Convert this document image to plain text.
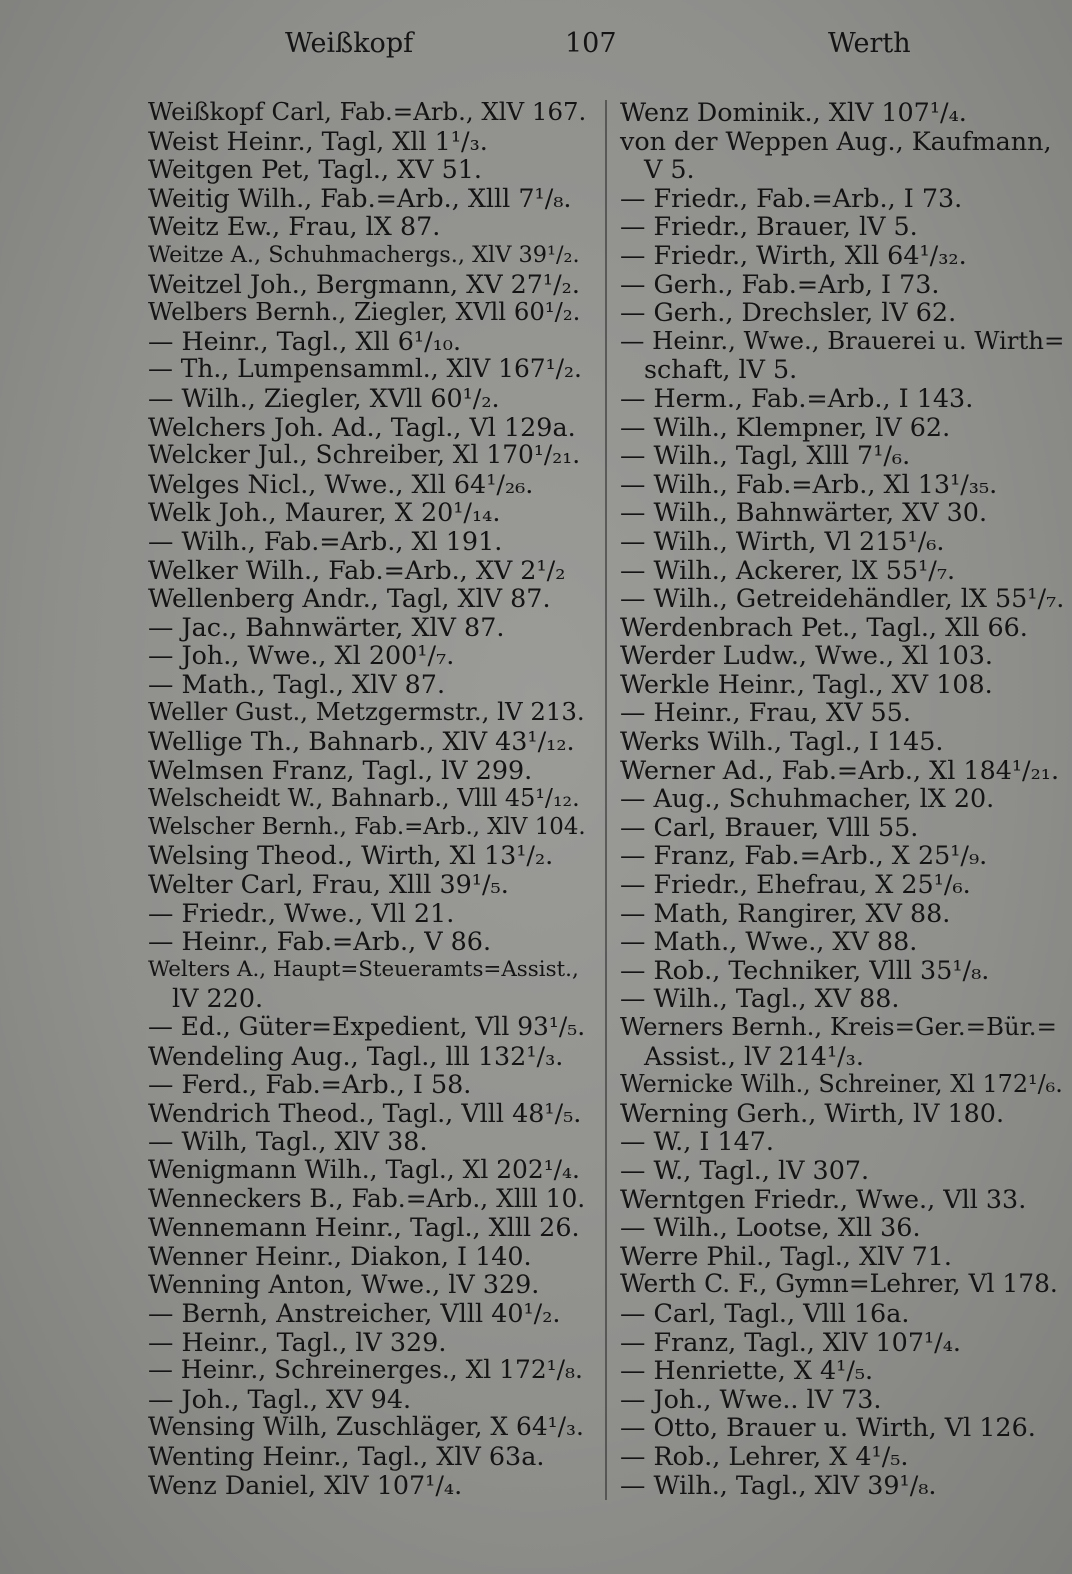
Weißkopf	107	Werth
Weißkopf Carl, Fab.=Arb., XlV 167.
Weist Heinr., Tagl, Xll 1¹/₃.
Weitgen Pet, Tagl., XV 51.
Weitig Wilh., Fab.=Arb., Xlll 7¹/₈.
Weitz Ew., Frau, lX 87.
Weitze A., Schuhmachergs., XlV 39¹/₂.
Weitzel Joh., Bergmann, XV 27¹/₂.
Welbers Bernh., Ziegler, XVll 60¹/₂.
— Heinr., Tagl., Xll 6¹/₁₀.
— Th., Lumpensamml., XlV 167¹/₂.
— Wilh., Ziegler, XVll 60¹/₂.
Welchers Joh. Ad., Tagl., Vl 129a.
Welcker Jul., Schreiber, Xl 170¹/₂₁.
Welges Nicl., Wwe., Xll 64¹/₂₆.
Welk Joh., Maurer, X 20¹/₁₄.
— Wilh., Fab.=Arb., Xl 191.
Welker Wilh., Fab.=Arb., XV 2¹/₂
Wellenberg Andr., Tagl, XlV 87.
— Jac., Bahnwärter, XlV 87.
— Joh., Wwe., Xl 200¹/₇.
— Math., Tagl., XlV 87.
Weller Gust., Metzgermstr., lV 213.
Wellige Th., Bahnarb., XlV 43¹/₁₂.
Welmsen Franz, Tagl., lV 299.
Welscheidt W., Bahnarb., Vlll 45¹/₁₂.
Welscher Bernh., Fab.=Arb., XlV 104.
Welsing Theod., Wirth, Xl 13¹/₂.
Welter Carl, Frau, Xlll 39¹/₅.
— Friedr., Wwe., Vll 21.
— Heinr., Fab.=Arb., V 86.
Welters A., Haupt=Steueramts=Assist.,
lV 220.
— Ed., Güter=Expedient, Vll 93¹/₅.
Wendeling Aug., Tagl., lll 132¹/₃.
— Ferd., Fab.=Arb., I 58.
Wendrich Theod., Tagl., Vlll 48¹/₅.
— Wilh, Tagl., XlV 38.
Wenigmann Wilh., Tagl., Xl 202¹/₄.
Wenneckers B., Fab.=Arb., Xlll 10.
Wennemann Heinr., Tagl., Xlll 26.
Wenner Heinr., Diakon, I 140.
Wenning Anton, Wwe., lV 329.
— Bernh, Anstreicher, Vlll 40¹/₂.
— Heinr., Tagl., lV 329.
— Heinr., Schreinerges., Xl 172¹/₈.
— Joh., Tagl., XV 94.
Wensing Wilh, Zuschläger, X 64¹/₃.
Wenting Heinr., Tagl., XlV 63a.
Wenz Daniel, XlV 107¹/₄.
Wenz Dominik., XlV 107¹/₄.
von der Weppen Aug., Kaufmann,
V 5.
— Friedr., Fab.=Arb., I 73.
— Friedr., Brauer, lV 5.
— Friedr., Wirth, Xll 64¹/₃₂.
— Gerh., Fab.=Arb, I 73.
— Gerh., Drechsler, lV 62.
— Heinr., Wwe., Brauerei u. Wirth=
schaft, lV 5.
— Herm., Fab.=Arb., I 143.
— Wilh., Klempner, lV 62.
— Wilh., Tagl, Xlll 7¹/₆.
— Wilh., Fab.=Arb., Xl 13¹/₃₅.
— Wilh., Bahnwärter, XV 30.
— Wilh., Wirth, Vl 215¹/₆.
— Wilh., Ackerer, lX 55¹/₇.
— Wilh., Getreidehändler, lX 55¹/₇.
Werdenbrach Pet., Tagl., Xll 66.
Werder Ludw., Wwe., Xl 103.
Werkle Heinr., Tagl., XV 108.
— Heinr., Frau, XV 55.
Werks Wilh., Tagl., I 145.
Werner Ad., Fab.=Arb., Xl 184¹/₂₁.
— Aug., Schuhmacher, lX 20.
— Carl, Brauer, Vlll 55.
— Franz, Fab.=Arb., X 25¹/₉.
— Friedr., Ehefrau, X 25¹/₆.
— Math, Rangirer, XV 88.
— Math., Wwe., XV 88.
— Rob., Techniker, Vlll 35¹/₈.
— Wilh., Tagl., XV 88.
Werners Bernh., Kreis=Ger.=Bür.=
Assist., lV 214¹/₃.
Wernicke Wilh., Schreiner, Xl 172¹/₆.
Werning Gerh., Wirth, lV 180.
— W., I 147.
— W., Tagl., lV 307.
Werntgen Friedr., Wwe., Vll 33.
— Wilh., Lootse, Xll 36.
Werre Phil., Tagl., XlV 71.
Werth C. F., Gymn=Lehrer, Vl 178.
— Carl, Tagl., Vlll 16a.
— Franz, Tagl., XlV 107¹/₄.
— Henriette, X 4¹/₅.
— Joh., Wwe.. lV 73.
— Otto, Brauer u. Wirth, Vl 126.
— Rob., Lehrer, X 4¹/₅.
— Wilh., Tagl., XlV 39¹/₈.
